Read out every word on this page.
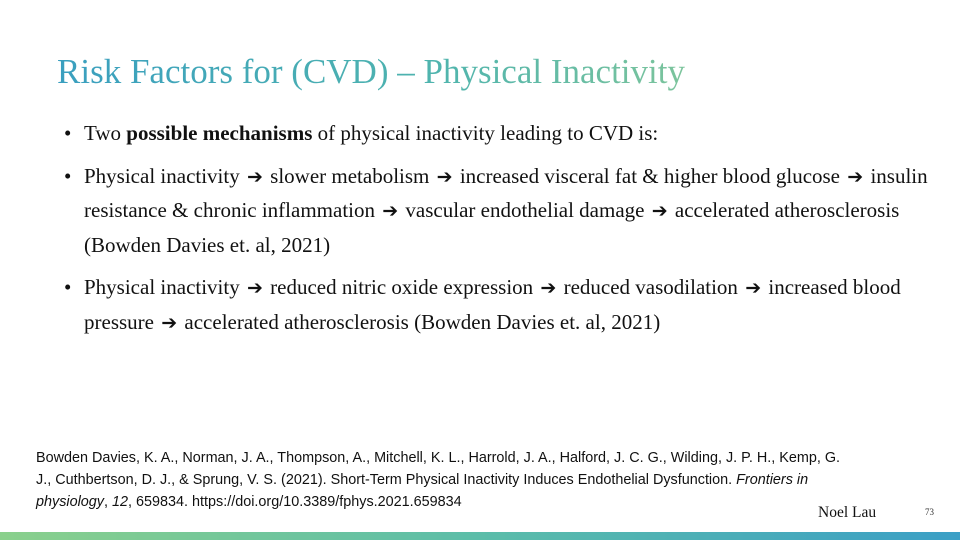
Risk Factors for (CVD) – Physical Inactivity
• Two possible mechanisms of physical inactivity leading to CVD is:
• Physical inactivity ➔ slower metabolism ➔ increased visceral fat & higher blood glucose ➔ insulin resistance & chronic inflammation ➔ vascular endothelial damage ➔ accelerated atherosclerosis (Bowden Davies et. al, 2021)
• Physical inactivity ➔ reduced nitric oxide expression ➔ reduced vasodilation ➔ increased blood pressure ➔ accelerated atherosclerosis (Bowden Davies et. al, 2021)

Bowden Davies, K. A., Norman, J. A., Thompson, A., Mitchell, K. L., Harrold, J. A., Halford, J. C. G., Wilding, J. P. H., Kemp, G. J., Cuthbertson, D. J., & Sprung, V. S. (2021). Short-Term Physical Inactivity Induces Endothelial Dysfunction. Frontiers in physiology, 12, 659834. https://doi.org/10.3389/fphys.2021.659834

Noel Lau	73
